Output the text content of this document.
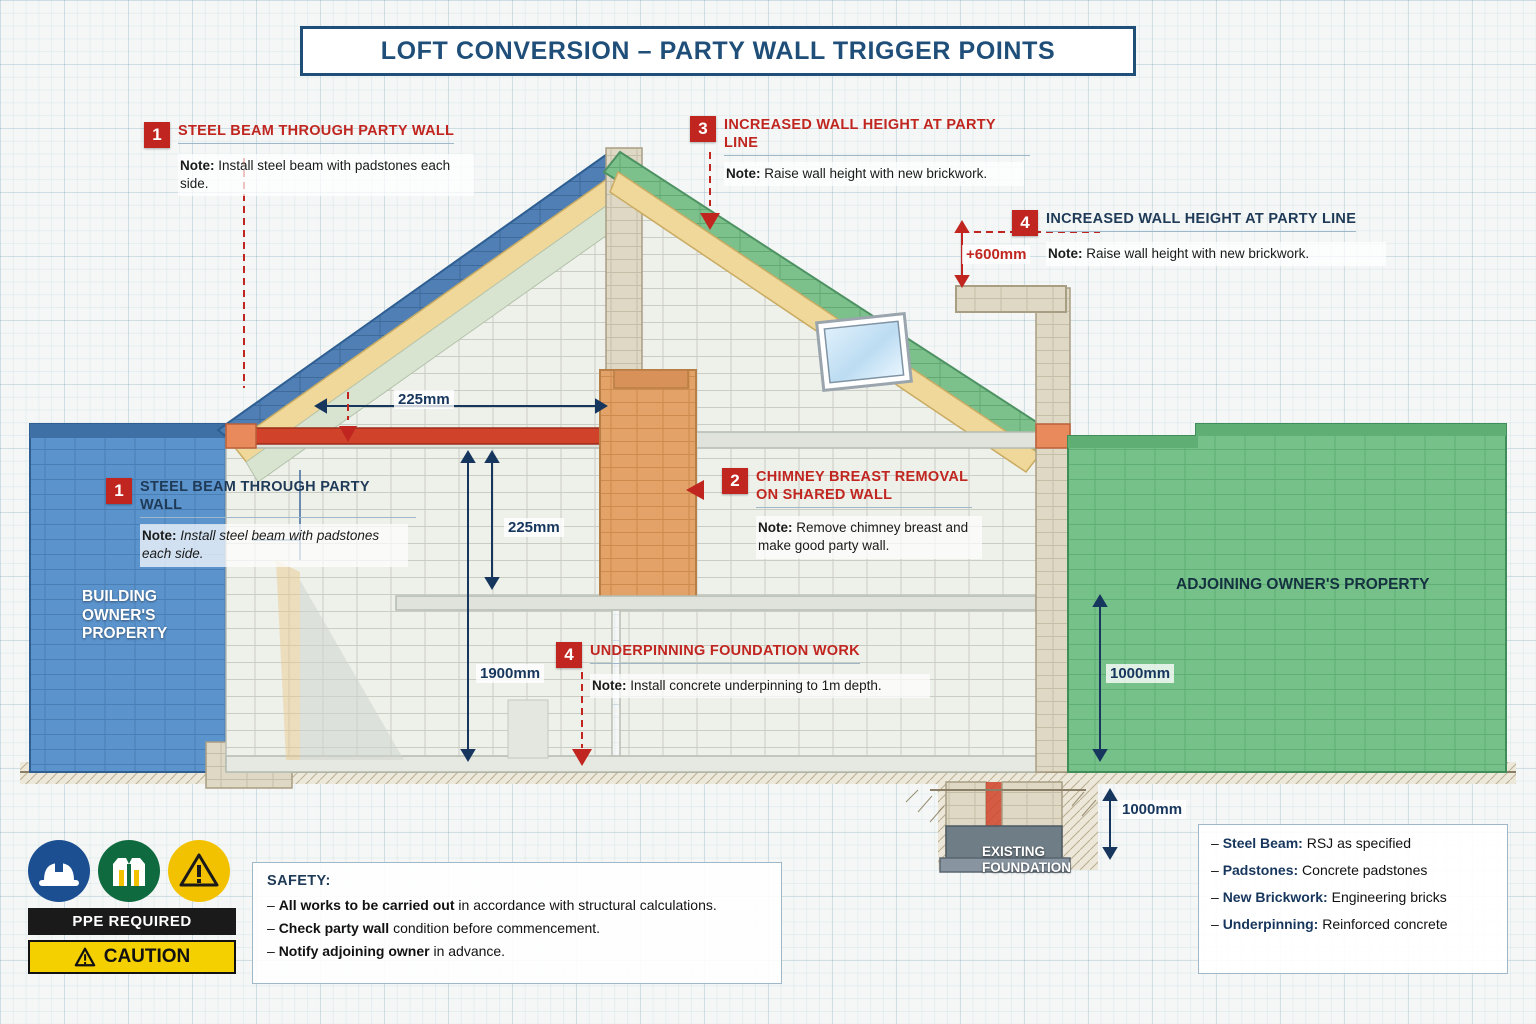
LOFT CONVERSION – PARTY WALL TRIGGER POINTS
1	STEEL BEAM THROUGH PARTY WALL
Note: Install steel beam with padstones each side.
3	INCREASED WALL HEIGHT AT PARTY LINE
Note: Raise wall height with new brickwork.
4	INCREASED WALL HEIGHT AT PARTY LINE
Note: Raise wall height with new brickwork.
1	STEEL BEAM THROUGH PARTY WALL
Note: Install steel beam with padstones each side.
2	CHIMNEY BREAST REMOVAL ON SHARED WALL
Note: Remove chimney breast and make good party wall.
4	UNDERPINNING FOUNDATION WORK
Note: Install concrete underpinning to 1m depth.
225mm
+600mm
225mm
1900mm	1000mm
1000mm
BUILDING
OWNER'S
PROPERTY
ADJOINING OWNER'S PROPERTY
EXISTING
FOUNDATION
PPE REQUIRED
CAUTION
SAFETY:
– All works to be carried out in accordance with structural calculations.
– Check party wall condition before commencement.
– Notify adjoining owner in advance.
– Steel Beam: RSJ as specified
– Padstones: Concrete padstones
– New Brickwork: Engineering bricks
– Underpinning: Reinforced concrete
